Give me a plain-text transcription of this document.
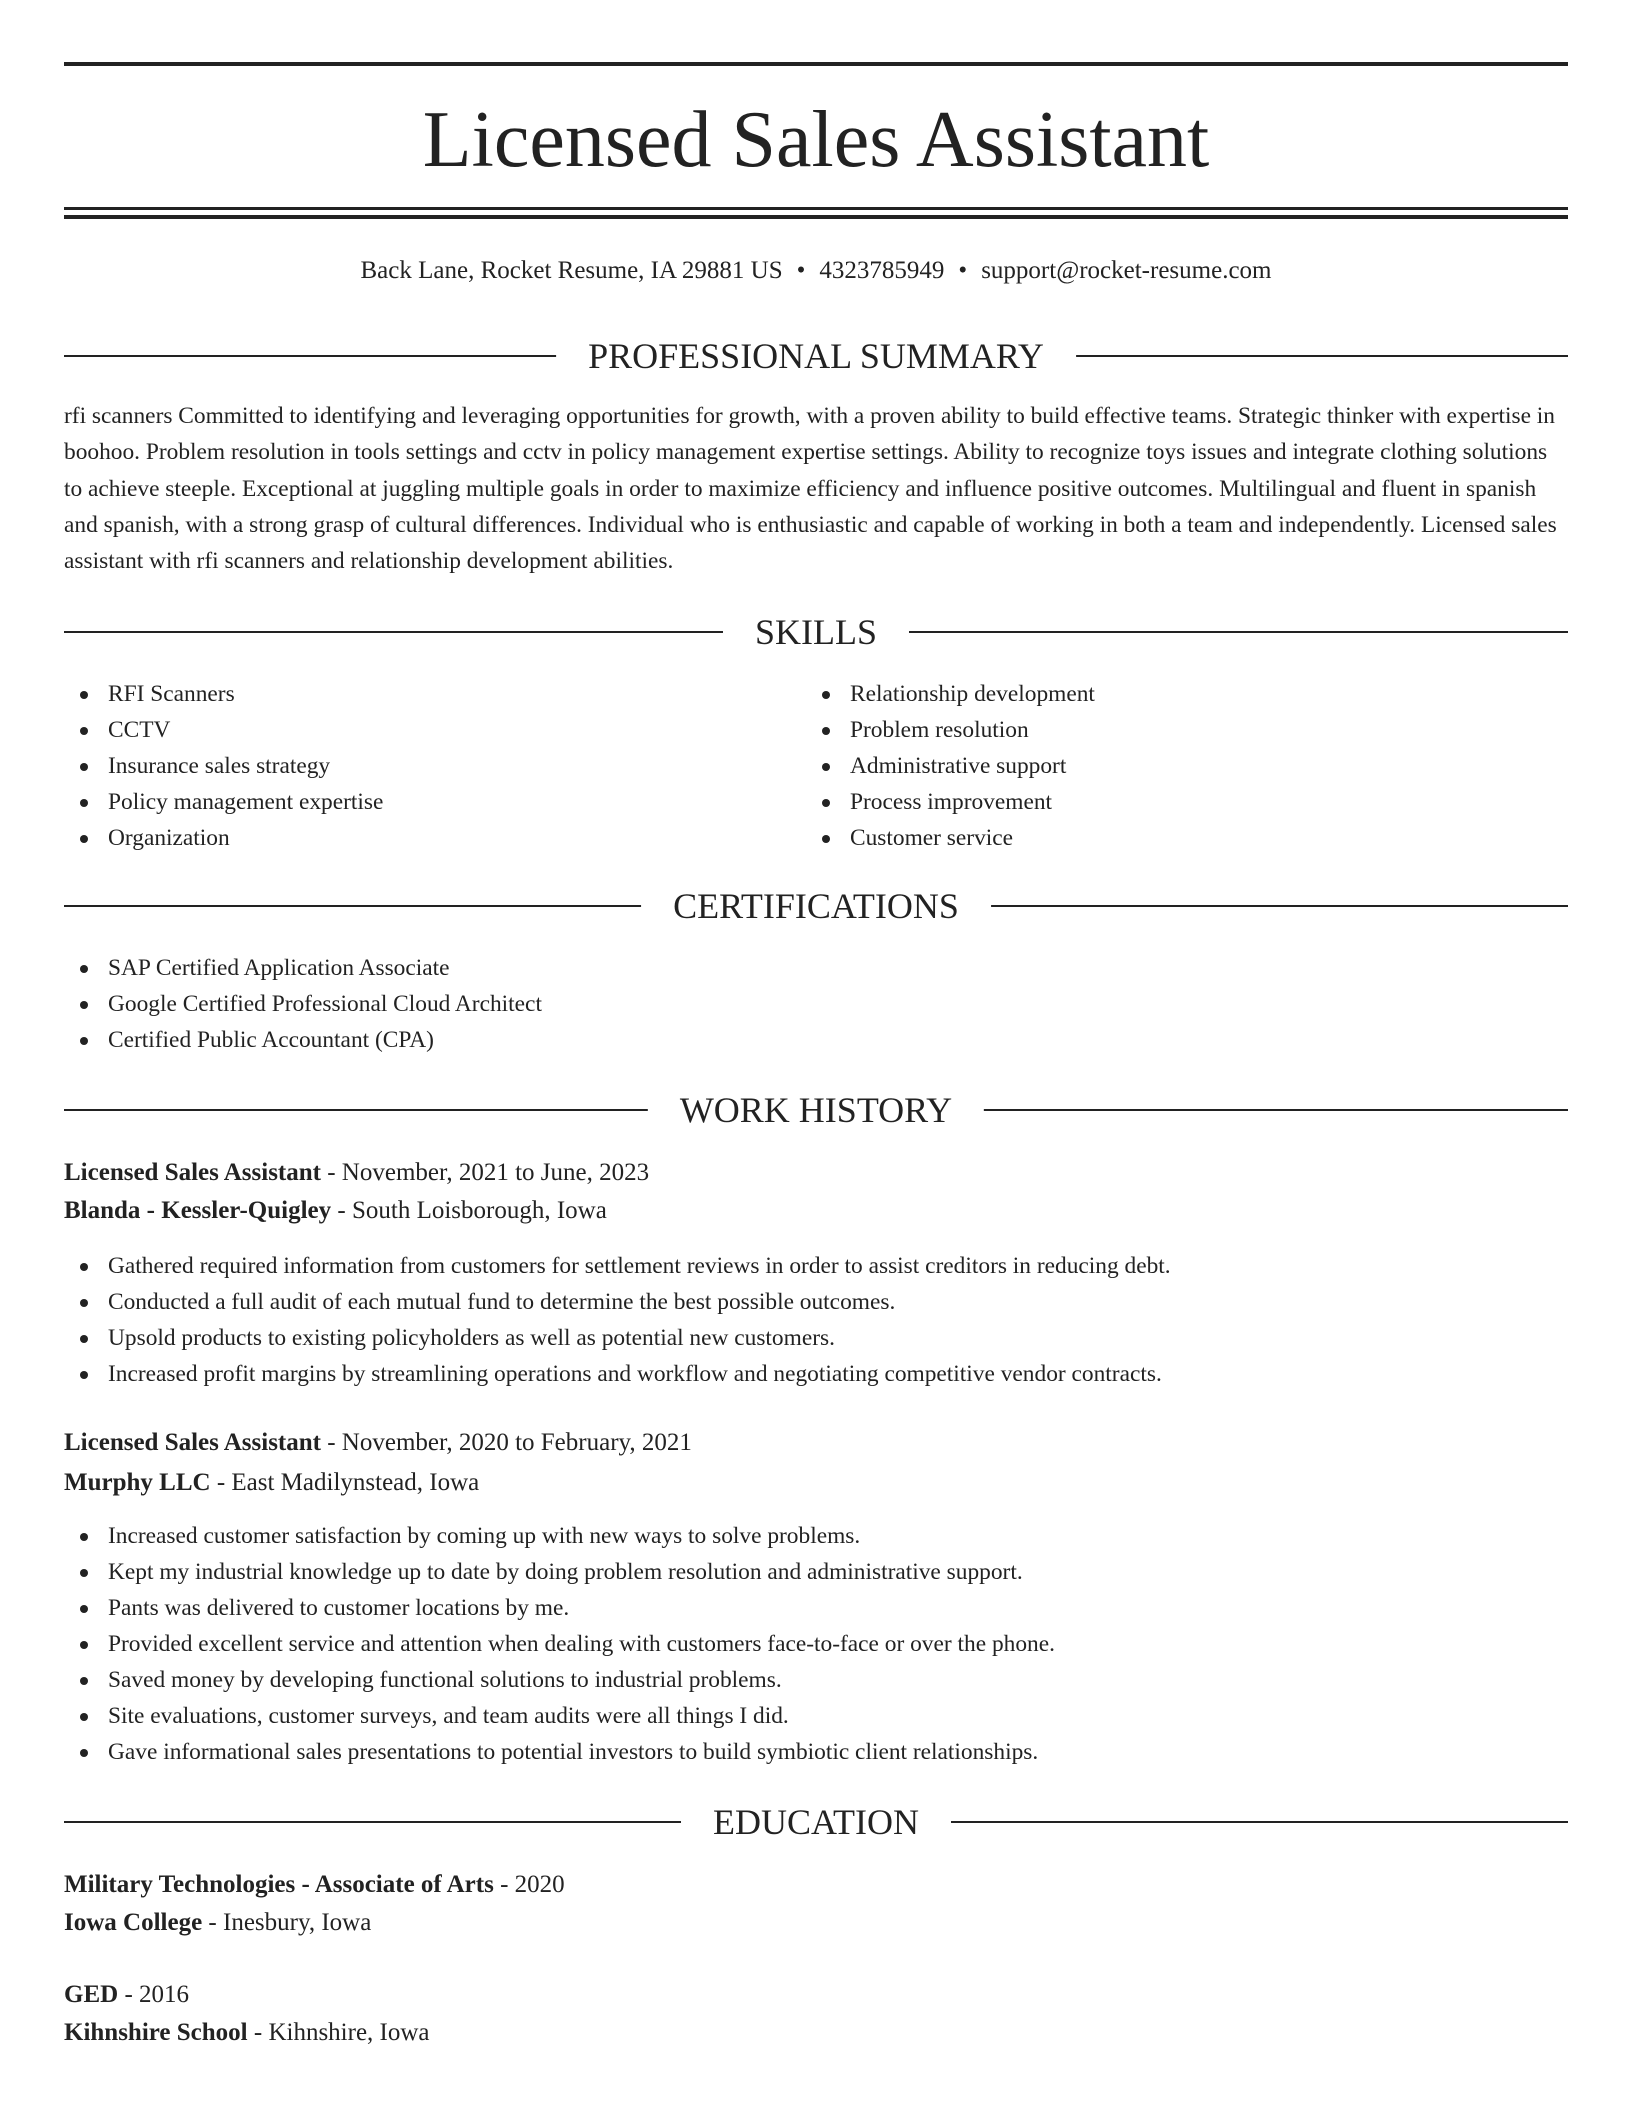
Licensed Sales Assistant
Back Lane, Rocket Resume, IA 29881 US • 4323785949 • support@rocket-resume.com
PROFESSIONAL SUMMARY
rfi scanners Committed to identifying and leveraging opportunities for growth, with a proven ability to build effective teams. Strategic thinker with expertise in boohoo. Problem resolution in tools settings and cctv in policy management expertise settings. Ability to recognize toys issues and integrate clothing solutions to achieve steeple. Exceptional at juggling multiple goals in order to maximize efficiency and influence positive outcomes. Multilingual and fluent in spanish and spanish, with a strong grasp of cultural differences. Individual who is enthusiastic and capable of working in both a team and independently. Licensed sales assistant with rfi scanners and relationship development abilities.
SKILLS
RFI Scanners
CCTV
Insurance sales strategy
Policy management expertise
Organization
Relationship development
Problem resolution
Administrative support
Process improvement
Customer service
CERTIFICATIONS
SAP Certified Application Associate
Google Certified Professional Cloud Architect
Certified Public Accountant (CPA)
WORK HISTORY
Licensed Sales Assistant - November, 2021 to June, 2023
Blanda - Kessler-Quigley - South Loisborough, Iowa
Gathered required information from customers for settlement reviews in order to assist creditors in reducing debt.
Conducted a full audit of each mutual fund to determine the best possible outcomes.
Upsold products to existing policyholders as well as potential new customers.
Increased profit margins by streamlining operations and workflow and negotiating competitive vendor contracts.
Licensed Sales Assistant - November, 2020 to February, 2021
Murphy LLC - East Madilynstead, Iowa
Increased customer satisfaction by coming up with new ways to solve problems.
Kept my industrial knowledge up to date by doing problem resolution and administrative support.
Pants was delivered to customer locations by me.
Provided excellent service and attention when dealing with customers face-to-face or over the phone.
Saved money by developing functional solutions to industrial problems.
Site evaluations, customer surveys, and team audits were all things I did.
Gave informational sales presentations to potential investors to build symbiotic client relationships.
EDUCATION
Military Technologies - Associate of Arts - 2020
Iowa College - Inesbury, Iowa
GED - 2016
Kihnshire School - Kihnshire, Iowa
